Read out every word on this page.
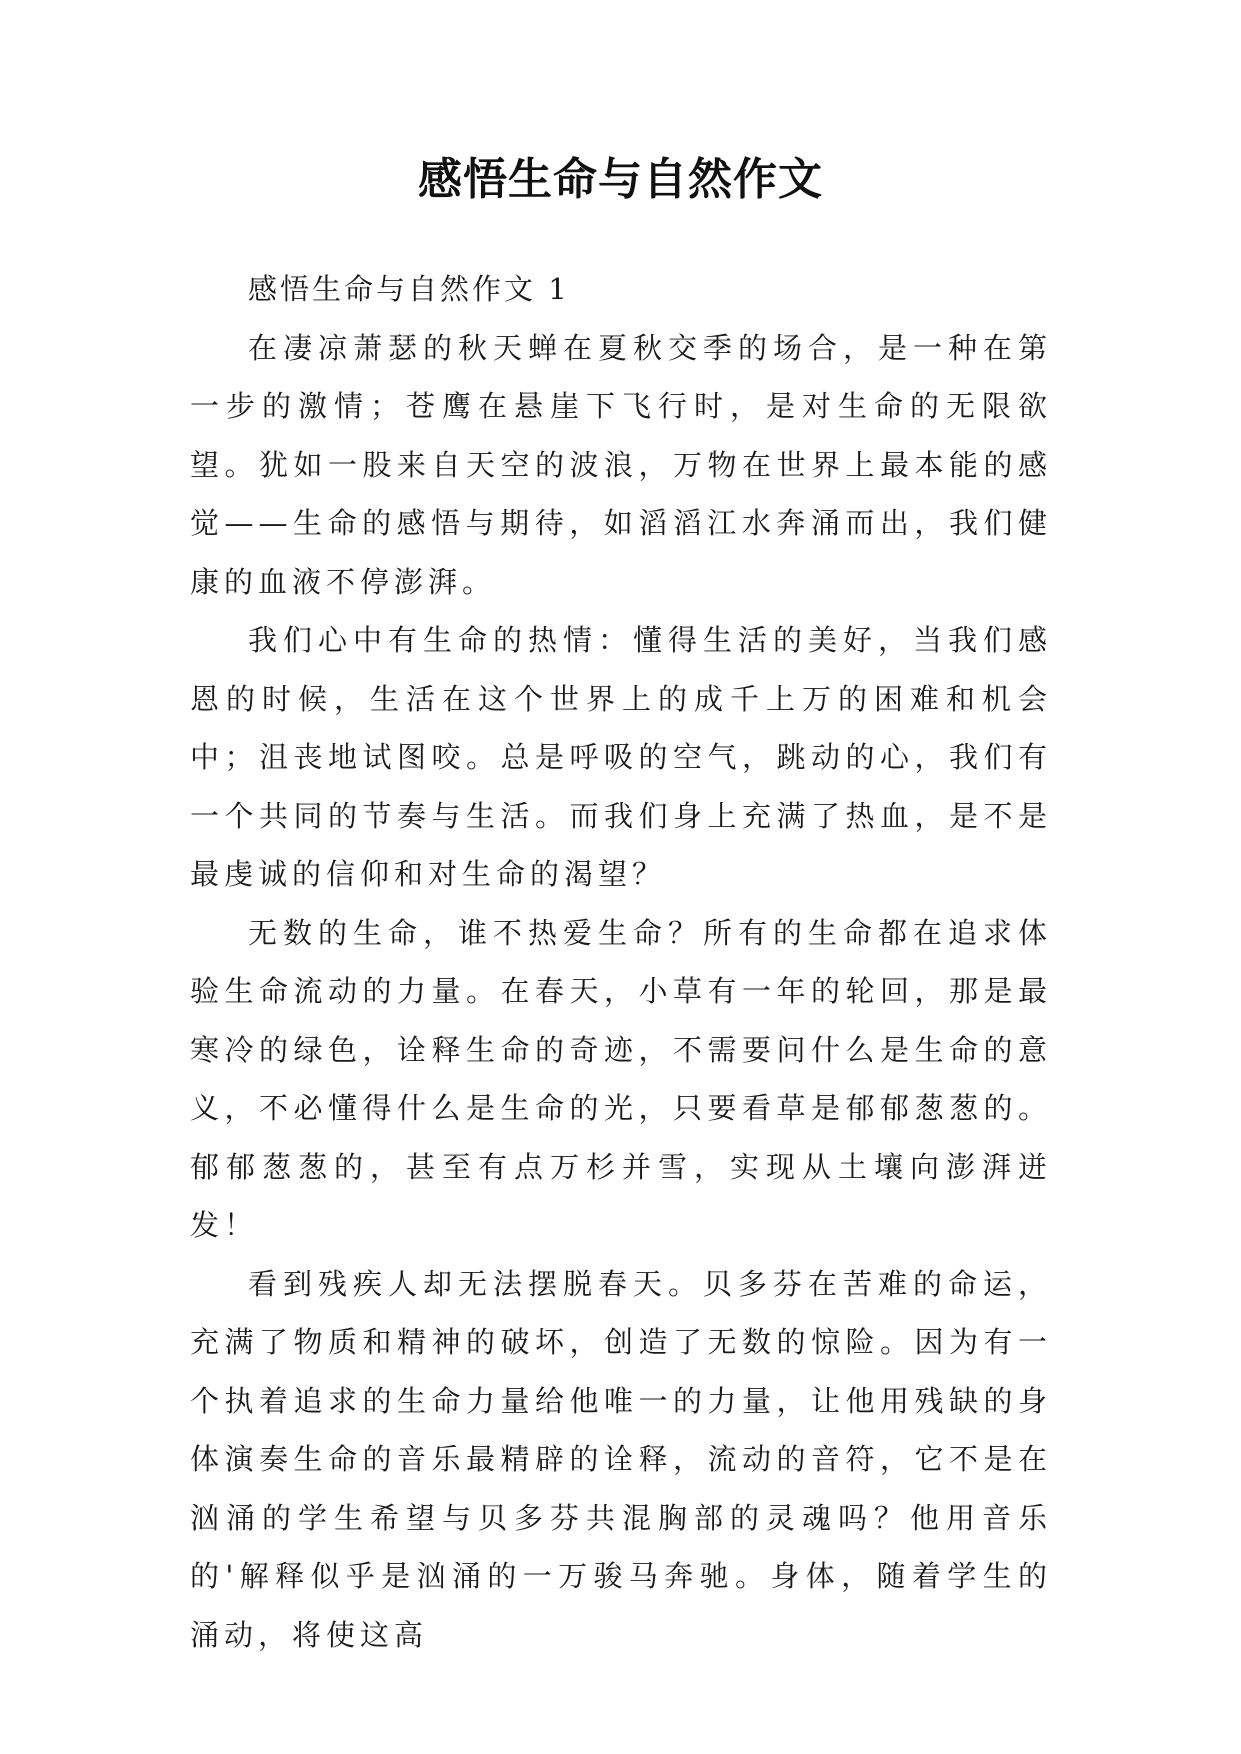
感悟生命与自然作文

感悟生命与自然作文 1

在凄凉萧瑟的秋天蝉在夏秋交季的场合，是一种在第一步的激情；苍鹰在悬崖下飞行时，是对生命的无限欲望。犹如一股来自天空的波浪，万物在世界上最本能的感觉——生命的感悟与期待，如滔滔江水奔涌而出，我们健康的血液不停澎湃。

我们心中有生命的热情：懂得生活的美好，当我们感恩的时候，生活在这个世界上的成千上万的困难和机会中；沮丧地试图咬。总是呼吸的空气，跳动的心，我们有一个共同的节奏与生活。而我们身上充满了热血，是不是最虔诚的信仰和对生命的渴望？

无数的生命，谁不热爱生命？所有的生命都在追求体验生命流动的力量。在春天，小草有一年的轮回，那是最寒冷的绿色，诠释生命的奇迹，不需要问什么是生命的意义，不必懂得什么是生命的光，只要看草是郁郁葱葱的。郁郁葱葱的，甚至有点万杉并雪，实现从土壤向澎湃迸发！

看到残疾人却无法摆脱春天。贝多芬在苦难的命运，充满了物质和精神的破坏，创造了无数的惊险。因为有一个执着追求的生命力量给他唯一的力量，让他用残缺的身体演奏生命的音乐最精辟的诠释，流动的音符，它不是在汹涌的学生希望与贝多芬共混胸部的灵魂吗？他用音乐的'解释似乎是汹涌的一万骏马奔驰。身体，随着学生的涌动，将使这高
